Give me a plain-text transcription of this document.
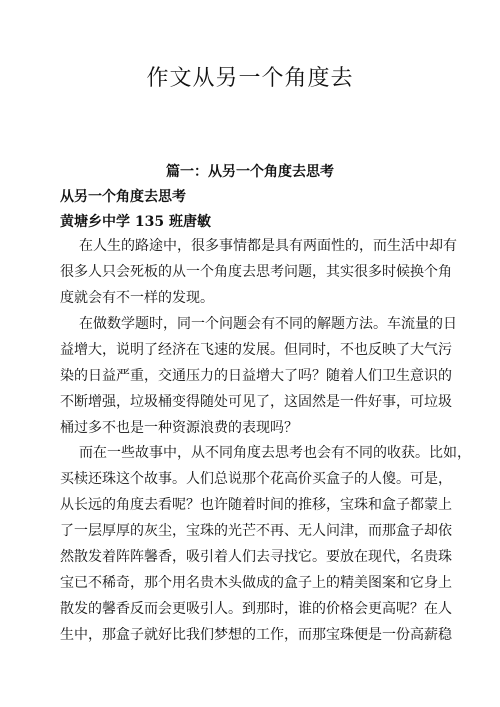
作文从另一个角度去
篇一：从另一个角度去思考
从另一个角度去思考
黄塘乡中学 135 班唐敏
在人生的路途中，很多事情都是具有两面性的，而生活中却有
很多人只会死板的从一个角度去思考问题，其实很多时候换个角
度就会有不一样的发现。
在做数学题时，同一个问题会有不同的解题方法。车流量的日
益增大，说明了经济在飞速的发展。但同时，不也反映了大气污
染的日益严重，交通压力的日益增大了吗？随着人们卫生意识的
不断增强，垃圾桶变得随处可见了，这固然是一件好事，可垃圾
桶过多不也是一种资源浪费的表现吗？
而在一些故事中，从不同角度去思考也会有不同的收获。比如，
买椟还珠这个故事。人们总说那个花高价买盒子的人傻。可是，
从长远的角度去看呢？也许随着时间的推移，宝珠和盒子都蒙上
了一层厚厚的灰尘，宝珠的光芒不再、无人问津，而那盒子却依
然散发着阵阵馨香，吸引着人们去寻找它。要放在现代，名贵珠
宝已不稀奇，那个用名贵木头做成的盒子上的精美图案和它身上
散发的馨香反而会更吸引人。到那时，谁的价格会更高呢？在人
生中，那盒子就好比我们梦想的工作，而那宝珠便是一份高薪稳
